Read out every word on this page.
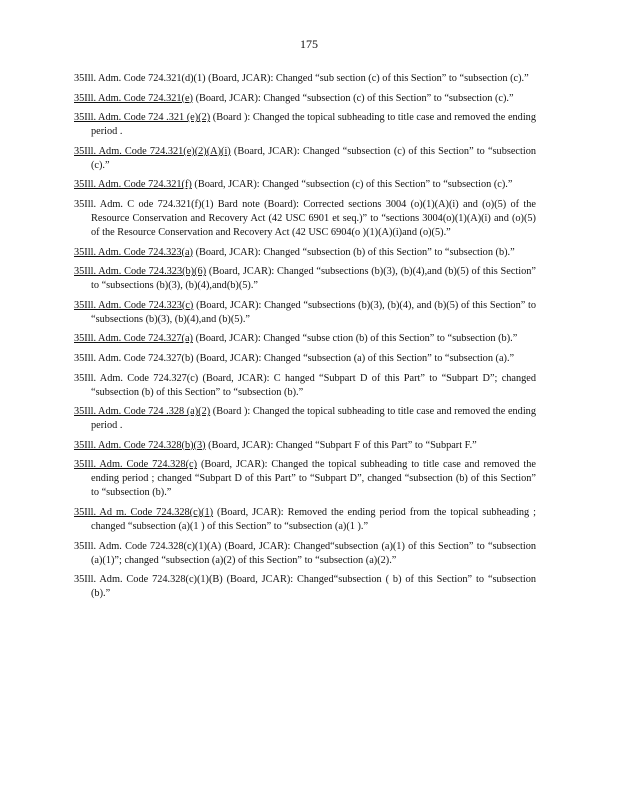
175
35Ill. Adm. Code 724.321(d)(1) (Board, JCAR): Changed “sub section (c) of this Section” to “subsection (c).”
35Ill. Adm. Code 724.321(e) (Board, JCAR): Changed “subsection (c) of this Section” to “subsection (c).”
35Ill. Adm. Code 724 .321 (e)(2) (Board ): Changed the topical subheading to title case and removed the ending period .
35Ill. Adm. Code 724.321(e)(2)(A)(i) (Board, JCAR): Changed “subsection (c) of this Section” to “subsection (c).”
35Ill. Adm. Code 724.321(f) (Board, JCAR): Changed “subsection (c) of this Section” to “subsection (c).”
35Ill. Adm. C ode 724.321(f)(1) Bard note (Board): Corrected sections 3004 (o)(1)(A)(i) and (o)(5) of the Resource Conservation and Recovery Act (42 USC 6901 et seq.)” to “sections 3004(o)(1)(A)(i) and (o)(5) of the Resource Conservation and Recovery Act (42 USC 6904(o )(1)(A)(i)and (o)(5).”
35Ill. Adm. Code 724.323(a) (Board, JCAR): Changed “subsection (b) of this Section” to “subsection (b).”
35Ill. Adm. Code 724.323(b)(6) (Board, JCAR): Changed “subsections (b)(3), (b)(4),and (b)(5) of this Section” to “subsections (b)(3), (b)(4),and(b)(5).”
35Ill. Adm. Code 724.323(c) (Board, JCAR): Changed “subsections (b)(3), (b)(4), and (b)(5) of this Section” to “subsections (b)(3), (b)(4),and (b)(5).”
35Ill. Adm. Code 724.327(a) (Board, JCAR): Changed “subse ction (b) of this Section” to “subsection (b).”
35Ill. Adm. Code 724.327(b) (Board, JCAR): Changed “subsection (a) of this Section” to “subsection (a).”
35Ill. Adm. Code 724.327(c) (Board, JCAR): C hanged “Subpart D of this Part” to “Subpart D”; changed “subsection (b) of this Section” to “subsection (b).”
35Ill. Adm. Code 724 .328 (a)(2) (Board ): Changed the topical subheading to title case and removed the ending period .
35Ill. Adm. Code 724.328(b)(3) (Board, JCAR): Changed “Subpart F of this Part” to “Subpart F.”
35Ill. Adm. Code 724.328(c) (Board, JCAR): Changed the topical subheading to title case and removed the ending period ; changed “Subpart D of this Part” to “Subpart D”, changed “subsection (b) of this Section” to “subsection (b).”
35Ill. Ad m. Code 724.328(c)(1) (Board, JCAR): Removed the ending period from the topical subheading ; changed “subsection (a)(1 ) of this Section” to “subsection (a)(1 ).”
35Ill. Adm. Code 724.328(c)(1)(A) (Board, JCAR): Changed“subsection (a)(1) of this Section” to “subsection (a)(1)”; changed “subsection (a)(2) of this Section” to “subsection (a)(2).”
35Ill. Adm. Code 724.328(c)(1)(B) (Board, JCAR): Changed“subsection ( b) of this Section” to “subsection (b).”
